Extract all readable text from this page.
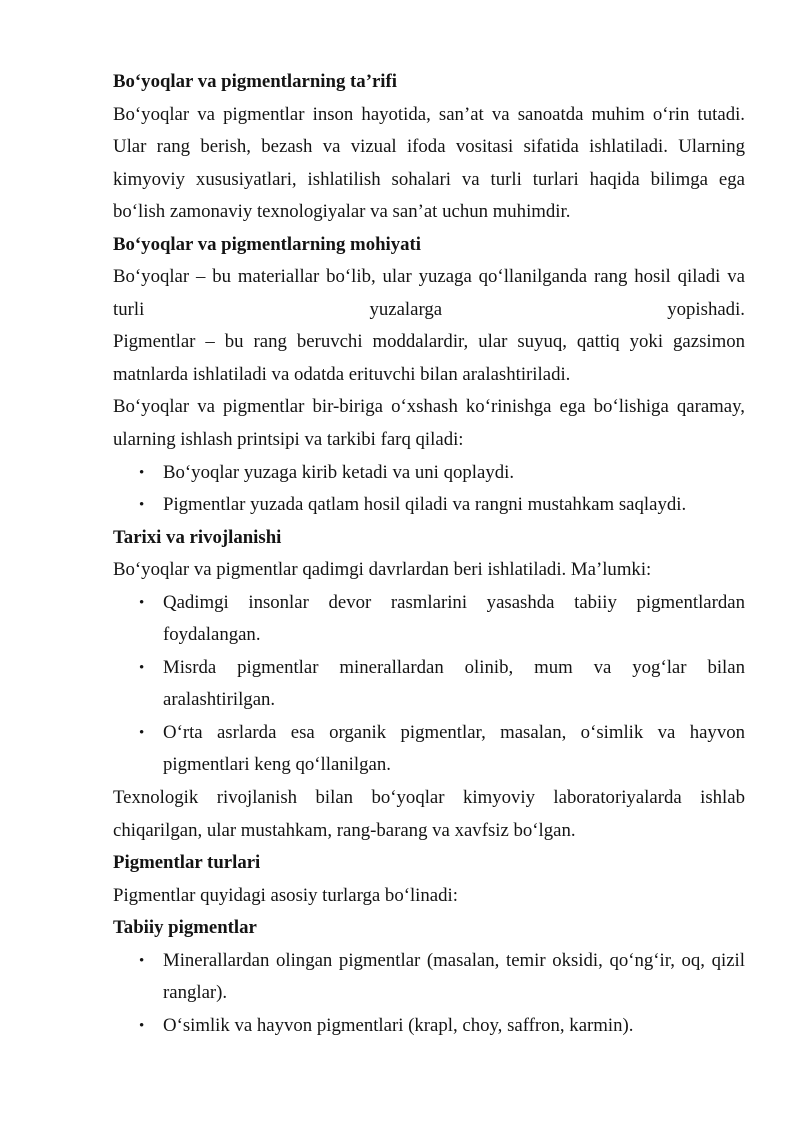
Boʻyoqlar va pigmentlarning ta’rifi

Boʻyoqlar va pigmentlar inson hayotida, san’at va sanoatda muhim oʻrin tutadi. Ular rang berish, bezash va vizual ifoda vositasi sifatida ishlatiladi. Ularning kimyoviy xususiyatlari, ishlatilish sohalari va turli turlari haqida bilimga ega boʻlish zamonaviy texnologiyalar va san’at uchun muhimdir.

Boʻyoqlar va pigmentlarning mohiyati

Boʻyoqlar – bu materiallar boʻlib, ular yuzaga qoʻllanilganda rang hosil qiladi va

turli yuzalarga yopishadi.

Pigmentlar – bu rang beruvchi moddalardir, ular suyuq, qattiq yoki gazsimon matnlarda ishlatiladi va odatda erituvchi bilan aralashtiriladi.

Boʻyoqlar va pigmentlar bir-biriga oʻxshash koʻrinishga ega boʻlishiga qaramay, ularning ishlash printsipi va tarkibi farq qiladi:

• Boʻyoqlar yuzaga kirib ketadi va uni qoplaydi.
• Pigmentlar yuzada qatlam hosil qiladi va rangni mustahkam saqlaydi.
Tarixi va rivojlanishi

Boʻyoqlar va pigmentlar qadimgi davrlardan beri ishlatiladi. Ma’lumki:

• Qadimgi insonlar devor rasmlarini yasashda tabiiy pigmentlardan foydalangan.
• Misrda pigmentlar minerallardan olinib, mum va yogʻlar bilan aralashtirilgan.
• Oʻrta asrlarda esa organik pigmentlar, masalan, oʻsimlik va hayvon pigmentlari keng qoʻllanilgan.

Texnologik rivojlanish bilan boʻyoqlar kimyoviy laboratoriyalarda ishlab chiqarilgan, ular mustahkam, rang-barang va xavfsiz boʻlgan.

Pigmentlar turlari

Pigmentlar quyidagi asosiy turlarga boʻlinadi:

Tabiiy pigmentlar
• Minerallardan olingan pigmentlar (masalan, temir oksidi, qoʻngʻir, oq, qizil ranglar).
• Oʻsimlik va hayvon pigmentlari (krapl, choy, saffron, karmin).
